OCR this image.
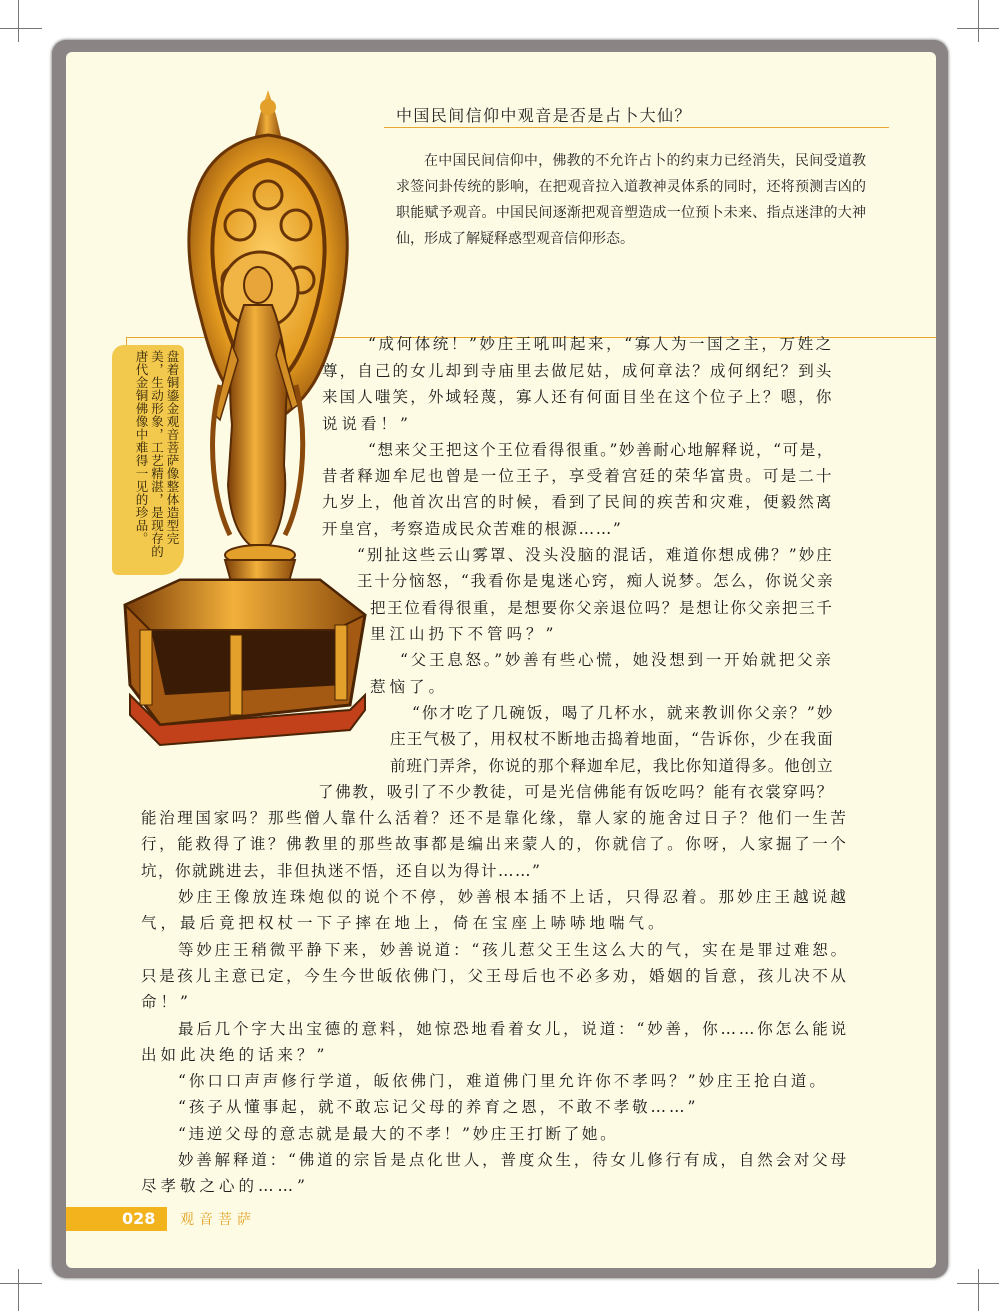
中国民间信仰中观音是否是占卜大仙？

在中国民间信仰中，佛教的不允许占卜的约束力已经消失，民间受道教求签问卦传统的影响，在把观音拉入道教神灵体系的同时，还将预测吉凶的职能赋予观音。中国民间逐渐把观音塑造成一位预卜未来、指点迷津的大神仙，形成了解疑释惑型观音信仰形态。

盘着铜鎏金观音菩萨像整体造型完美，生动形象，工艺精湛，是现存的唐代金铜佛像中难得一见的珍品。
“成何体统！”妙庄王吼叫起来，“寡人为一国之主，万姓之
尊，自己的女儿却到寺庙里去做尼姑，成何章法？成何纲纪？到头
来国人嗤笑，外域轻蔑，寡人还有何面目坐在这个位子上？嗯，你
说说看！”
“想来父王把这个王位看得很重。”妙善耐心地解释说，“可是，
昔者释迦牟尼也曾是一位王子，享受着宫廷的荣华富贵。可是二十
九岁上，他首次出宫的时候，看到了民间的疾苦和灾难，便毅然离
开皇宫，考察造成民众苦难的根源……”
“别扯这些云山雾罩、没头没脑的混话，难道你想成佛？”妙庄
王十分恼怒，“我看你是鬼迷心窍，痴人说梦。怎么，你说父亲
把王位看得很重，是想要你父亲退位吗？是想让你父亲把三千
里江山扔下不管吗？”
“父王息怒。”妙善有些心慌，她没想到一开始就把父亲
惹恼了。
“你才吃了几碗饭，喝了几杯水，就来教训你父亲？”妙
庄王气极了，用权杖不断地击捣着地面，“告诉你，少在我面
前班门弄斧，你说的那个释迦牟尼，我比你知道得多。他创立
了佛教，吸引了不少教徒，可是光信佛能有饭吃吗？能有衣裳穿吗？
能治理国家吗？那些僧人靠什么活着？还不是靠化缘，靠人家的施舍过日子？他们一生苦
行，能救得了谁？佛教里的那些故事都是编出来蒙人的，你就信了。你呀，人家掘了一个
坑，你就跳进去，非但执迷不悟，还自以为得计……”
妙庄王像放连珠炮似的说个不停，妙善根本插不上话，只得忍着。那妙庄王越说越
气，最后竟把权杖一下子摔在地上，倚在宝座上哧哧地喘气。
等妙庄王稍微平静下来，妙善说道：“孩儿惹父王生这么大的气，实在是罪过难恕。
只是孩儿主意已定，今生今世皈依佛门，父王母后也不必多劝，婚姻的旨意，孩儿决不从
命！”
最后几个字大出宝德的意料，她惊恐地看着女儿，说道：“妙善，你……你怎么能说
出如此决绝的话来？”
“你口口声声修行学道，皈依佛门，难道佛门里允许你不孝吗？”妙庄王抢白道。
“孩子从懂事起，就不敢忘记父母的养育之恩，不敢不孝敬……”
“违逆父母的意志就是最大的不孝！”妙庄王打断了她。
妙善解释道：“佛道的宗旨是点化世人，普度众生，待女儿修行有成，自然会对父母
尽孝敬之心的……”
028 观音菩萨
